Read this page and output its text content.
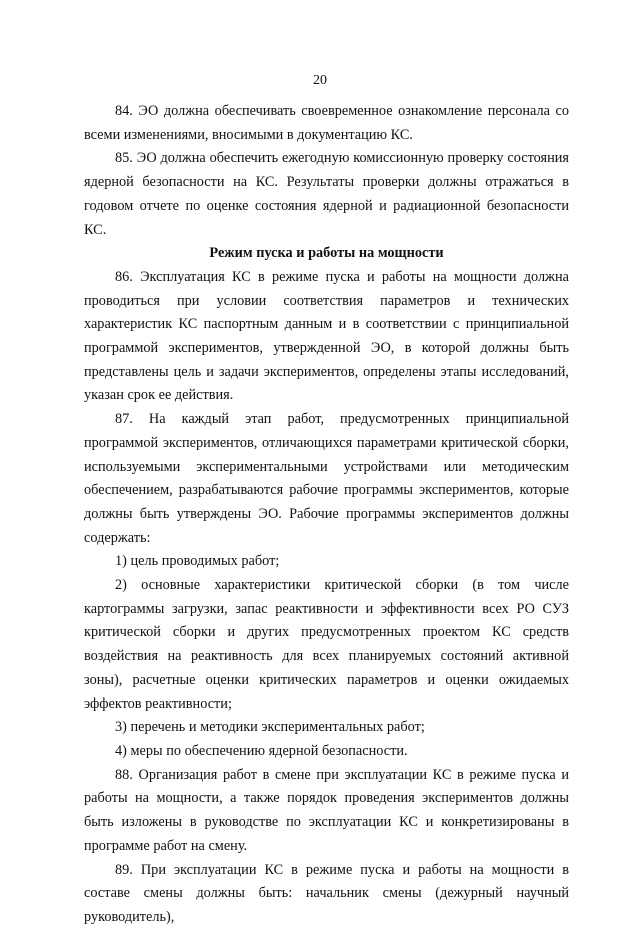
20

84. ЭО должна обеспечивать своевременное ознакомление персонала со всеми изменениями, вносимыми в документацию КС.

85. ЭО должна обеспечить ежегодную комиссионную проверку состояния ядерной безопасности на КС. Результаты проверки должны отражаться в годовом отчете по оценке состояния ядерной и радиационной безопасности КС.

Режим пуска и работы на мощности

86. Эксплуатация КС в режиме пуска и работы на мощности должна проводиться при условии соответствия параметров и технических характеристик КС паспортным данным и в соответствии с принципиальной программой экспериментов, утвержденной ЭО, в которой должны быть представлены цель и задачи экспериментов, определены этапы исследований, указан срок ее действия.

87. На каждый этап работ, предусмотренных принципиальной программой экспериментов, отличающихся параметрами критической сборки, используемыми экспериментальными устройствами или методическим обеспечением, разрабатываются рабочие программы экспериментов, которые должны быть утверждены ЭО. Рабочие программы экспериментов должны содержать:

1) цель проводимых работ;

2) основные характеристики критической сборки (в том числе картограммы загрузки, запас реактивности и эффективности всех РО СУЗ критической сборки и других предусмотренных проектом КС средств воздействия на реактивность для всех планируемых состояний активной зоны), расчетные оценки критических параметров и оценки ожидаемых эффектов реактивности;

3) перечень и методики экспериментальных работ;

4) меры по обеспечению ядерной безопасности.

88. Организация работ в смене при эксплуатации КС в режиме пуска и работы на мощности, а также порядок проведения экспериментов должны быть изложены в руководстве по эксплуатации КС и конкретизированы в программе работ на смену.

89. При эксплуатации КС в режиме пуска и работы на мощности в составе смены должны быть: начальник смены (дежурный научный руководитель),
